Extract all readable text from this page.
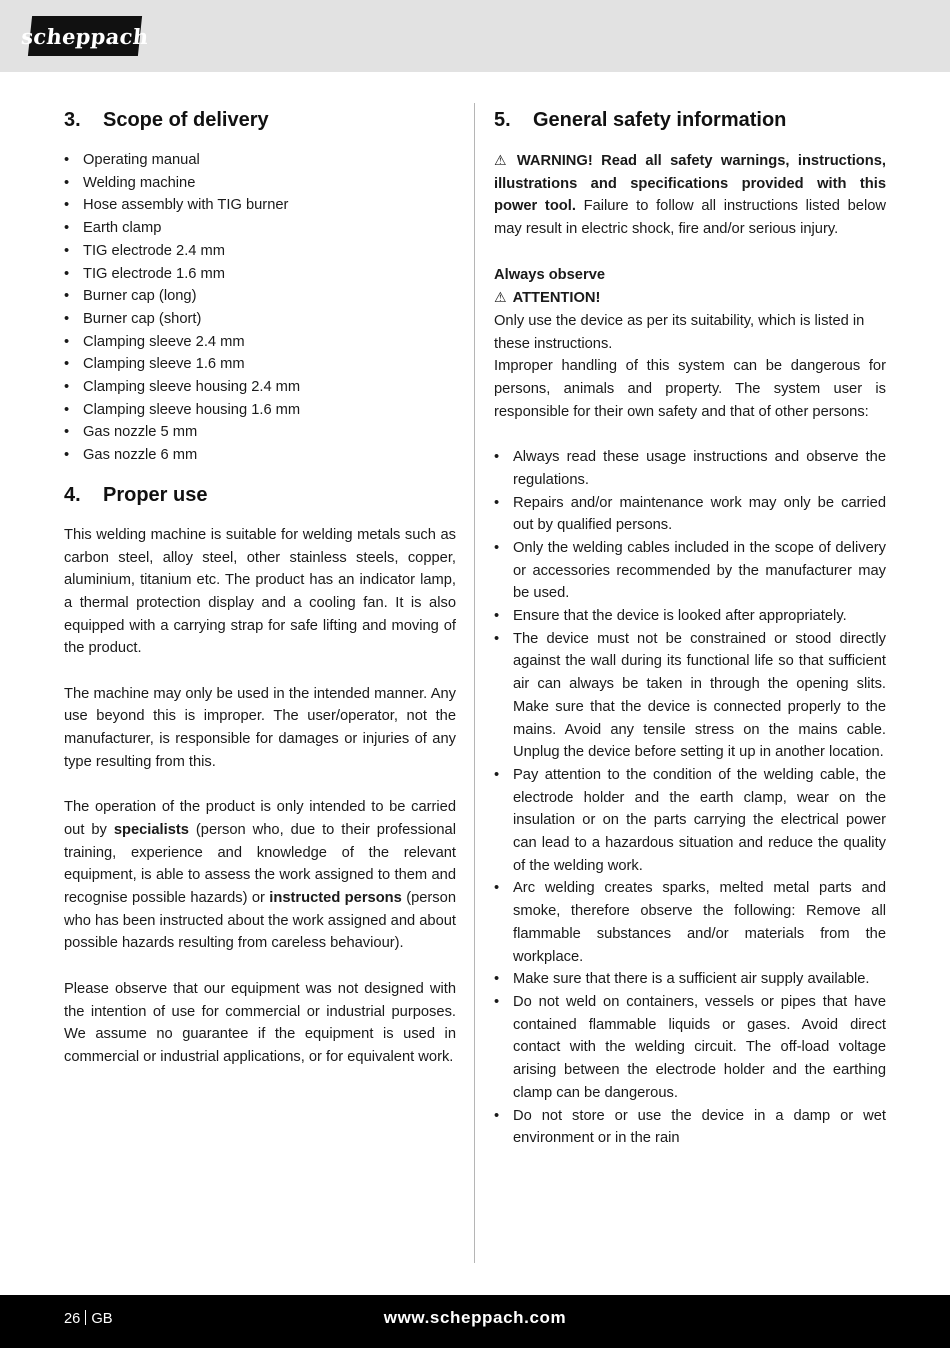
scheppach
3.	Scope of delivery
• Operating manual
• Welding machine
• Hose assembly with TIG burner
• Earth clamp
• TIG electrode 2.4 mm
• TIG electrode 1.6 mm
• Burner cap (long)
• Burner cap (short)
• Clamping sleeve 2.4 mm
• Clamping sleeve 1.6 mm
• Clamping sleeve housing 2.4 mm
• Clamping sleeve housing 1.6 mm
• Gas nozzle 5 mm
• Gas nozzle 6 mm
4.	Proper use

This welding machine is suitable for welding metals such as carbon steel, alloy steel, other stainless steels, copper, aluminium, titanium etc. The product has an indicator lamp, a thermal protection display and a cooling fan. It is also equipped with a carrying strap for safe lifting and moving of the product.

The machine may only be used in the intended manner. Any use beyond this is improper. The user/operator, not the manufacturer, is responsible for damages or injuries of any type resulting from this.

The operation of the product is only intended to be carried out by specialists (person who, due to their professional training, experience and knowledge of the relevant equipment, is able to assess the work assigned to them and recognise possible hazards) or instructed persons (person who has been instructed about the work assigned and about possible hazards resulting from careless behaviour).

Please observe that our equipment was not designed with the intention of use for commercial or industrial purposes. We assume no guarantee if the equipment is used in commercial or industrial applications, or for equivalent work.

5.	General safety information

⚠ WARNING! Read all safety warnings, instructions, illustrations and specifications provided with this power tool. Failure to follow all instructions listed below may result in electric shock, fire and/or serious injury.

Always observe

⚠ ATTENTION!

Only use the device as per its suitability, which is listed in these instructions.

Improper handling of this system can be dangerous for persons, animals and property. The system user is responsible for their own safety and that of other persons:

• Always read these usage instructions and observe the regulations.
• Repairs and/or maintenance work may only be carried out by qualified persons.
• Only the welding cables included in the scope of delivery or accessories recommended by the manufacturer may be used.
• Ensure that the device is looked after appropriately.
• The device must not be constrained or stood directly against the wall during its functional life so that sufficient air can always be taken in through the opening slits. Make sure that the device is connected properly to the mains. Avoid any tensile stress on the mains cable. Unplug the device before setting it up in another location.
• Pay attention to the condition of the welding cable, the electrode holder and the earth clamp, wear on the insulation or on the parts carrying the electrical power can lead to a hazardous situation and reduce the quality of the welding work.
• Arc welding creates sparks, melted metal parts and smoke, therefore observe the following: Remove all flammable substances and/or materials from the workplace.
• Make sure that there is a sufficient air supply available.
• Do not weld on containers, vessels or pipes that have contained flammable liquids or gases. Avoid direct contact with the welding circuit. The off-load voltage arising between the electrode holder and the earthing clamp can be dangerous.
• Do not store or use the device in a damp or wet environment or in the rain
26 GB	www.scheppach.com
